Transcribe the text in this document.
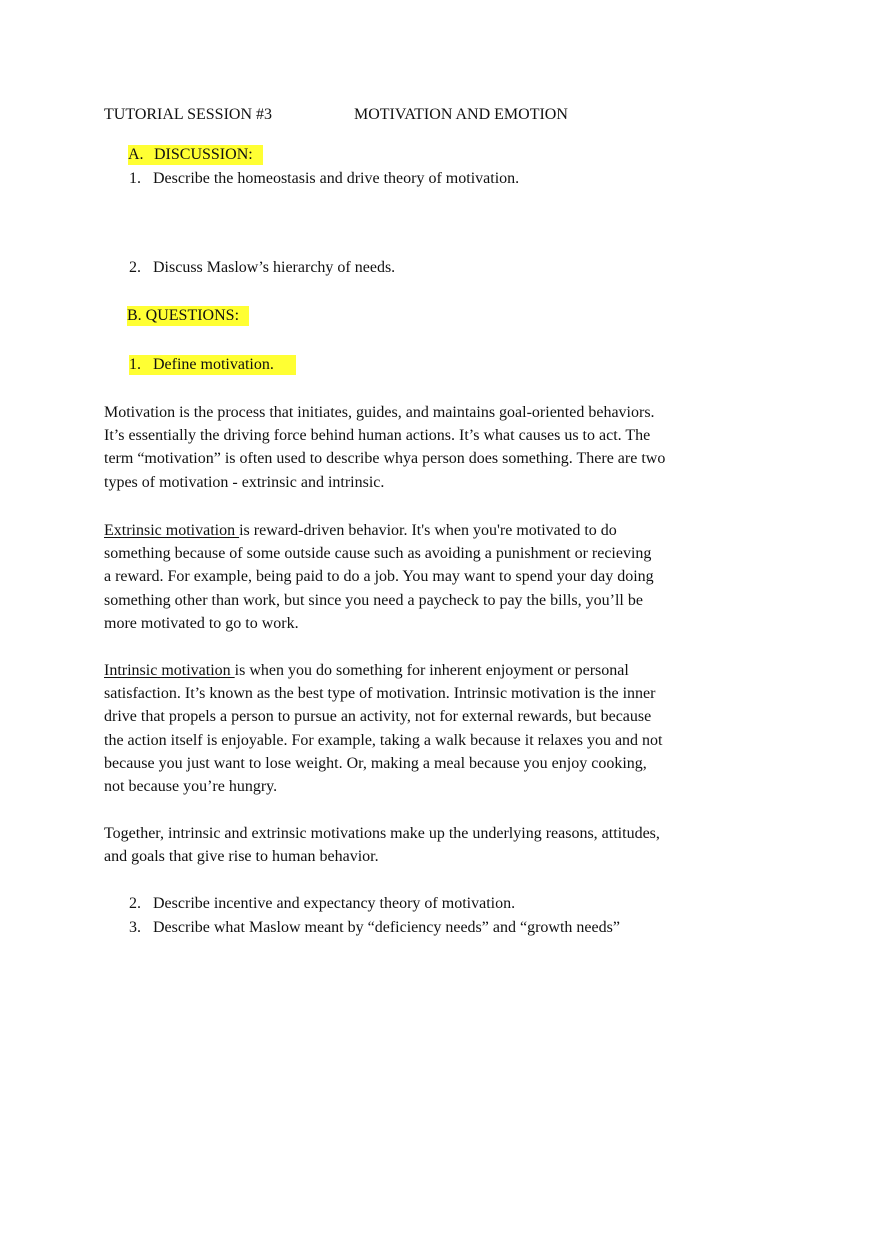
TUTORIAL SESSION #3	MOTIVATION AND EMOTION
A. DISCUSSION:
1. Describe the homeostasis and drive theory of motivation.
2. Discuss Maslow’s hierarchy of needs.
B. QUESTIONS:
1. Define motivation.

Motivation is the process that initiates, guides, and maintains goal-oriented behaviors.

It’s essentially the driving force behind human actions. It’s what causes us to act. The

term “motivation” is often used to describe whya person does something. There are two

types of motivation - extrinsic and intrinsic.

Extrinsic motivation is reward-driven behavior. It's when you're motivated to do

something because of some outside cause such as avoiding a punishment or recieving

a reward. For example, being paid to do a job. You may want to spend your day doing

something other than work, but since you need a paycheck to pay the bills, you’ll be

more motivated to go to work.

Intrinsic motivation is when you do something for inherent enjoyment or personal

satisfaction. It’s known as the best type of motivation. Intrinsic motivation is the inner

drive that propels a person to pursue an activity, not for external rewards, but because

the action itself is enjoyable. For example, taking a walk because it relaxes you and not

because you just want to lose weight. Or, making a meal because you enjoy cooking,

not because you’re hungry.

Together, intrinsic and extrinsic motivations make up the underlying reasons, attitudes,

and goals that give rise to human behavior.

2. Describe incentive and expectancy theory of motivation.
3. Describe what Maslow meant by “deficiency needs” and “growth needs”
